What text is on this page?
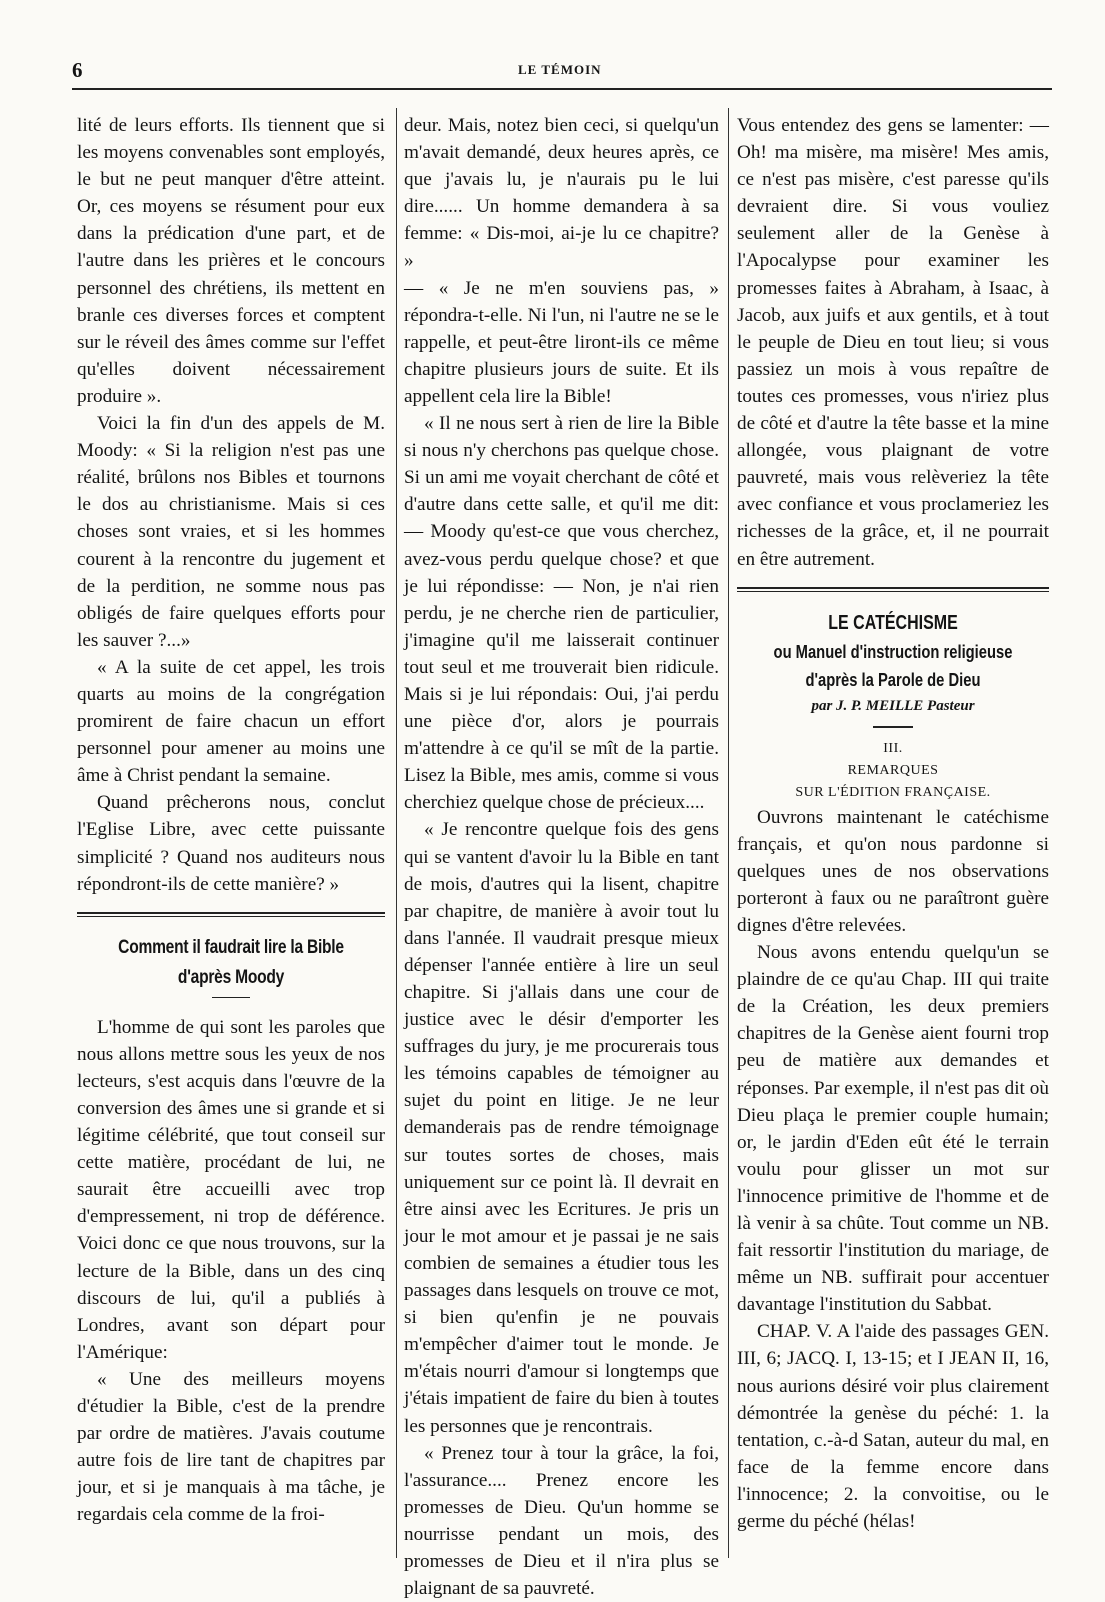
6	LE TÉMOIN

lité de leurs efforts. Ils tiennent que si les moyens convenables sont employés, le but ne peut manquer d'être atteint. Or, ces moyens se résument pour eux dans la prédication d'une part, et de l'autre dans les prières et le concours personnel des chrétiens, ils mettent en branle ces diverses forces et comptent sur le réveil des âmes comme sur l'effet qu'elles doivent nécessairement produire ».

Voici la fin d'un des appels de M. Moody: « Si la religion n'est pas une réalité, brûlons nos Bibles et tournons le dos au christianisme. Mais si ces choses sont vraies, et si les hommes courent à la rencontre du jugement et de la perdition, ne somme nous pas obligés de faire quelques efforts pour les sauver ?...»

« A la suite de cet appel, les trois quarts au moins de la congrégation promirent de faire chacun un effort personnel pour amener au moins une âme à Christ pendant la semaine.

Quand prêcherons nous, conclut l'Eglise Libre, avec cette puissante simplicité ? Quand nos auditeurs nous répondront-ils de cette manière? »

Comment il faudrait lire la Bible
d'après Moody

L'homme de qui sont les paroles que nous allons mettre sous les yeux de nos lecteurs, s'est acquis dans l'œuvre de la conversion des âmes une si grande et si légitime célébrité, que tout conseil sur cette matière, procédant de lui, ne saurait être accueilli avec trop d'empressement, ni trop de déférence. Voici donc ce que nous trouvons, sur la lecture de la Bible, dans un des cinq discours de lui, qu'il a publiés à Londres, avant son départ pour l'Amérique:

« Une des meilleurs moyens d'étudier la Bible, c'est de la prendre par ordre de matières. J'avais coutume autre fois de lire tant de chapitres par jour, et si je manquais à ma tâche, je regardais cela comme de la froi-

deur. Mais, notez bien ceci, si quelqu'un m'avait demandé, deux heures après, ce que j'avais lu, je n'aurais pu le lui dire...... Un homme demandera à sa femme: « Dis-moi, ai-je lu ce chapitre? »

— « Je ne m'en souviens pas, » répondra-t-elle. Ni l'un, ni l'autre ne se le rappelle, et peut-être liront-ils ce même chapitre plusieurs jours de suite. Et ils appellent cela lire la Bible!

« Il ne nous sert à rien de lire la Bible si nous n'y cherchons pas quelque chose. Si un ami me voyait cherchant de côté et d'autre dans cette salle, et qu'il me dit: — Moody qu'est-ce que vous cherchez, avez-vous perdu quelque chose? et que je lui répondisse: — Non, je n'ai rien perdu, je ne cherche rien de particulier, j'imagine qu'il me laisserait continuer tout seul et me trouverait bien ridicule. Mais si je lui répondais: Oui, j'ai perdu une pièce d'or, alors je pourrais m'attendre à ce qu'il se mît de la partie. Lisez la Bible, mes amis, comme si vous cherchiez quelque chose de précieux....

« Je rencontre quelque fois des gens qui se vantent d'avoir lu la Bible en tant de mois, d'autres qui la lisent, chapitre par chapitre, de manière à avoir tout lu dans l'année. Il vaudrait presque mieux dépenser l'année entière à lire un seul chapitre. Si j'allais dans une cour de justice avec le désir d'emporter les suffrages du jury, je me procurerais tous les témoins capables de témoigner au sujet du point en litige. Je ne leur demanderais pas de rendre témoignage sur toutes sortes de choses, mais uniquement sur ce point là. Il devrait en être ainsi avec les Ecritures. Je pris un jour le mot amour et je passai je ne sais combien de semaines a étudier tous les passages dans lesquels on trouve ce mot, si bien qu'enfin je ne pouvais m'empêcher d'aimer tout le monde. Je m'étais nourri d'amour si longtemps que j'étais impatient de faire du bien à toutes les personnes que je rencontrais.

« Prenez tour à tour la grâce, la foi, l'assurance.... Prenez encore les promesses de Dieu. Qu'un homme se nourrisse pendant un mois, des promesses de Dieu et il n'ira plus se plaignant de sa pauvreté.

Vous entendez des gens se lamenter: — Oh! ma misère, ma misère! Mes amis, ce n'est pas misère, c'est paresse qu'ils devraient dire. Si vous vouliez seulement aller de la Genèse à l'Apocalypse pour examiner les promesses faites à Abraham, à Isaac, à Jacob, aux juifs et aux gentils, et à tout le peuple de Dieu en tout lieu; si vous passiez un mois à vous repaître de toutes ces promesses, vous n'iriez plus de côté et d'autre la tête basse et la mine allongée, vous plaignant de votre pauvreté, mais vous relèveriez la tête avec confiance et vous proclameriez les richesses de la grâce, et, il ne pourrait en être autrement.

LE CATÉCHISME
ou Manuel d'instruction religieuse
d'après la Parole de Dieu
par J. P. MEILLE Pasteur
III.
REMARQUES
SUR L'ÉDITION FRANÇAISE.

Ouvrons maintenant le catéchisme français, et qu'on nous pardonne si quelques unes de nos observations porteront à faux ou ne paraîtront guère dignes d'être relevées.

Nous avons entendu quelqu'un se plaindre de ce qu'au Chap. III qui traite de la Création, les deux premiers chapitres de la Genèse aient fourni trop peu de matière aux demandes et réponses. Par exemple, il n'est pas dit où Dieu plaça le premier couple humain; or, le jardin d'Eden eût été le terrain voulu pour glisser un mot sur l'innocence primitive de l'homme et de là venir à sa chûte. Tout comme un NB. fait ressortir l'institution du mariage, de même un NB. suffirait pour accentuer davantage l'institution du Sabbat.

CHAP. V. A l'aide des passages GEN. III, 6; JACQ. I, 13-15; et I JEAN II, 16, nous aurions désiré voir plus clairement démontrée la genèse du péché: 1. la tentation, c.-à-d Satan, auteur du mal, en face de la femme encore dans l'innocence; 2. la convoitise, ou le germe du péché (hélas!
